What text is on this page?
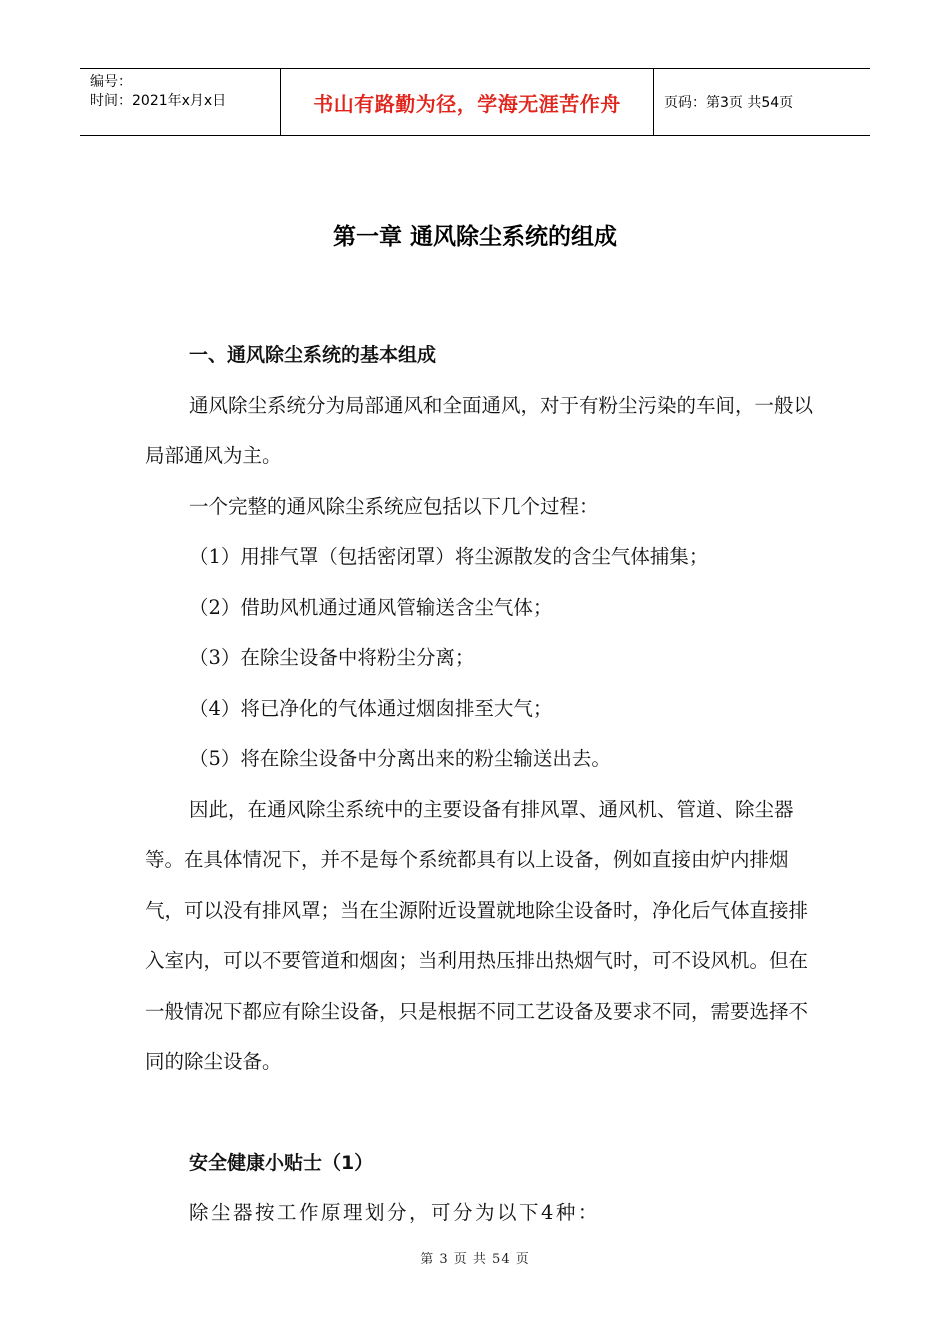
编号：
时间：2021年x月x日	书山有路勤为径，学海无涯苦作舟	页码：第3页 共54页
第一章 通风除尘系统的组成

一、通风除尘系统的基本组成

通风除尘系统分为局部通风和全面通风，对于有粉尘污染的车间，一般以局部通风为主。

一个完整的通风除尘系统应包括以下几个过程：

（1）用排气罩（包括密闭罩）将尘源散发的含尘气体捕集；

（2）借助风机通过通风管输送含尘气体；

（3）在除尘设备中将粉尘分离；

（4）将已净化的气体通过烟囱排至大气；

（5）将在除尘设备中分离出来的粉尘输送出去。

因此，在通风除尘系统中的主要设备有排风罩、通风机、管道、除尘器等。在具体情况下，并不是每个系统都具有以上设备，例如直接由炉内排烟气，可以没有排风罩；当在尘源附近设置就地除尘设备时，净化后气体直接排入室内，可以不要管道和烟囱；当利用热压排出热烟气时，可不设风机。但在一般情况下都应有除尘设备，只是根据不同工艺设备及要求不同，需要选择不同的除尘设备。

安全健康小贴士（1）

除尘器按工作原理划分，可分为以下4种：

第 3 页 共 54 页
